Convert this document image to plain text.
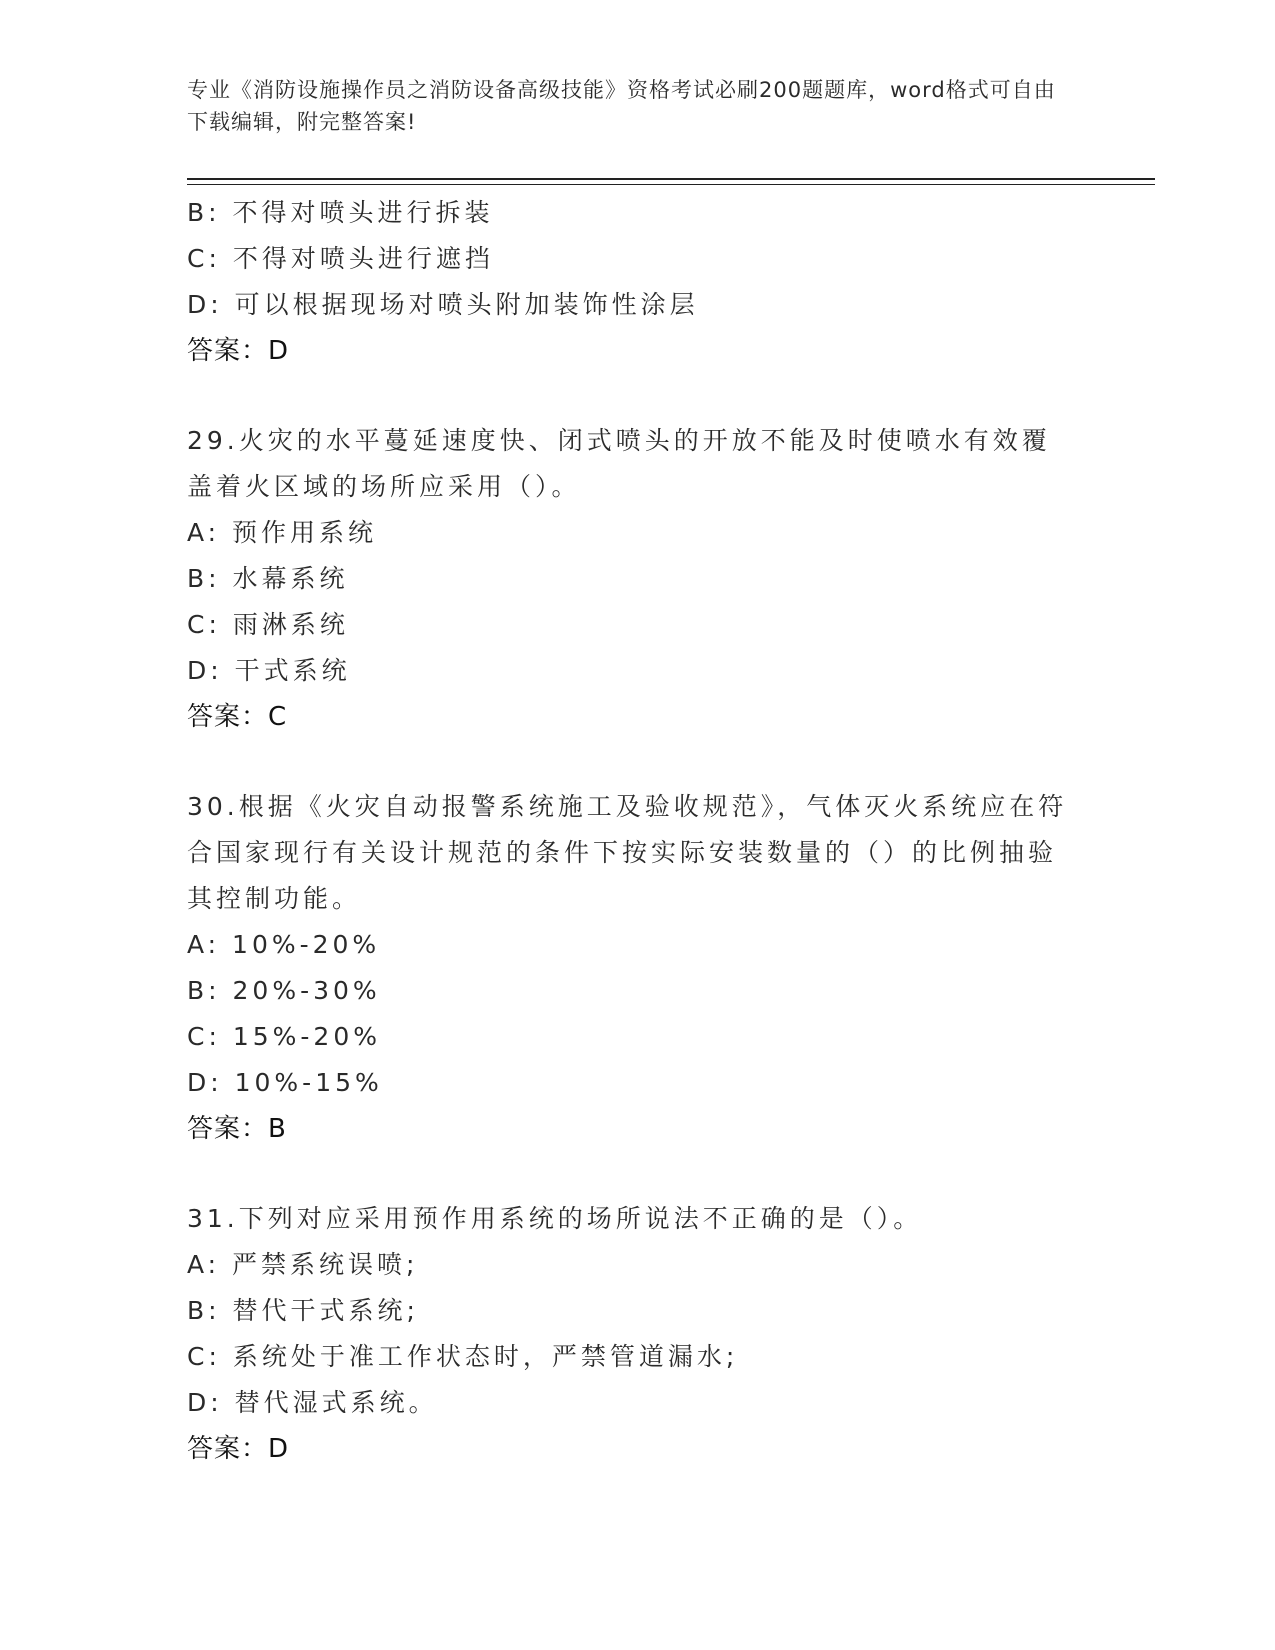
专业《消防设施操作员之消防设备高级技能》资格考试必刷200题题库，word格式可自由下载编辑，附完整答案!
B: 不得对喷头进行拆装
C: 不得对喷头进行遮挡
D: 可以根据现场对喷头附加装饰性涂层
答案：D
29.火灾的水平蔓延速度快、闭式喷头的开放不能及时使喷水有效覆盖着火区域的场所应采用（）。
A: 预作用系统
B: 水幕系统
C: 雨淋系统
D: 干式系统
答案：C
30.根据《火灾自动报警系统施工及验收规范》，气体灭火系统应在符合国家现行有关设计规范的条件下按实际安装数量的（）的比例抽验其控制功能。
A: 10%-20%
B: 20%-30%
C: 15%-20%
D: 10%-15%
答案：B
31.下列对应采用预作用系统的场所说法不正确的是（）。
A: 严禁系统误喷;
B: 替代干式系统;
C: 系统处于准工作状态时，严禁管道漏水;
D: 替代湿式系统。
答案：D
